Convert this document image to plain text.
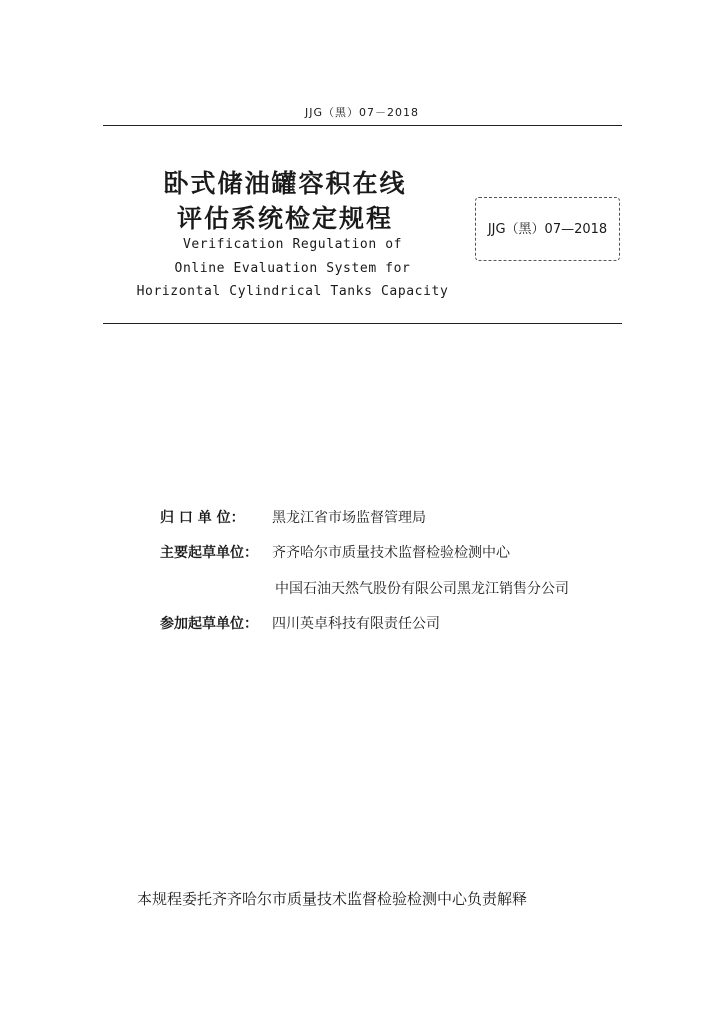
JJG（黑）07－2018
卧式储油罐容积在线
评估系统检定规程
Verification Regulation of
Online Evaluation System for
Horizontal Cylindrical Tanks Capacity
JJG（黑）07—2018
归 口 单 位： 黑龙江省市场监督管理局
主要起草单位： 齐齐哈尔市质量技术监督检验检测中心
中国石油天然气股份有限公司黑龙江销售分公司
参加起草单位： 四川英卓科技有限责任公司
本规程委托齐齐哈尔市质量技术监督检验检测中心负责解释
